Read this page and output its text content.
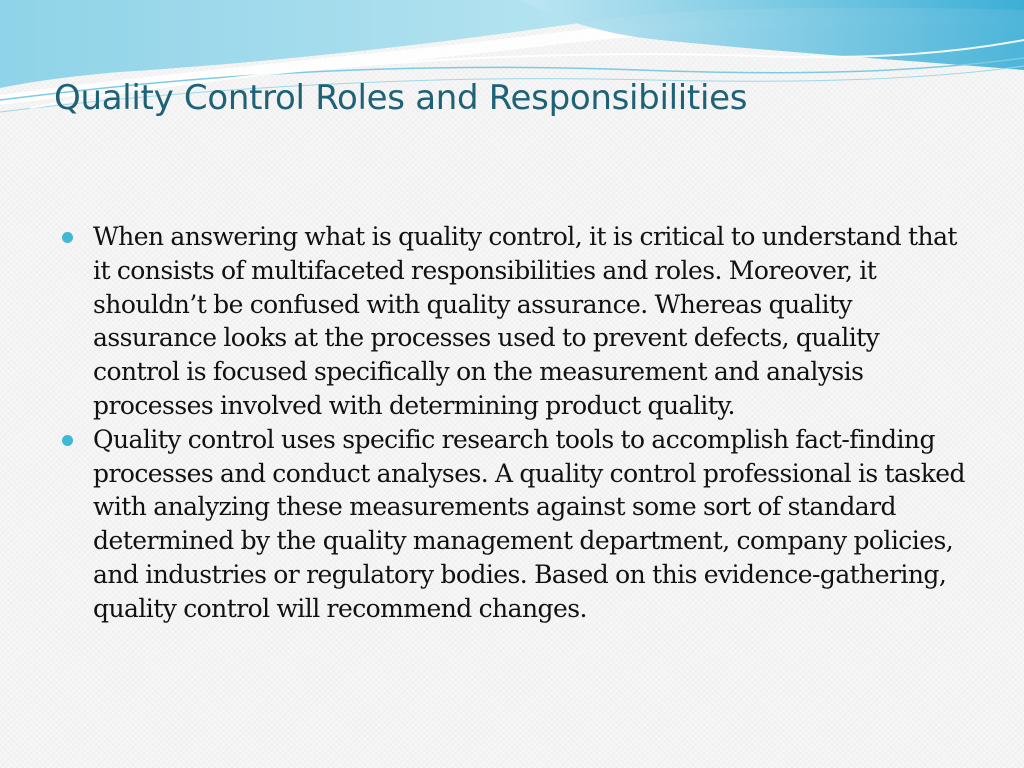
Quality Control Roles and Responsibilities
When answering what is quality control, it is critical to understand that it consists of multifaceted responsibilities and roles. Moreover, it shouldn’t be confused with quality assurance. Whereas quality assurance looks at the processes used to prevent defects, quality control is focused specifically on the measurement and analysis processes involved with determining product quality.
Quality control uses specific research tools to accomplish fact-finding processes and conduct analyses. A quality control professional is tasked with analyzing these measurements against some sort of standard determined by the quality management department, company policies, and industries or regulatory bodies. Based on this evidence-gathering, quality control will recommend changes.
